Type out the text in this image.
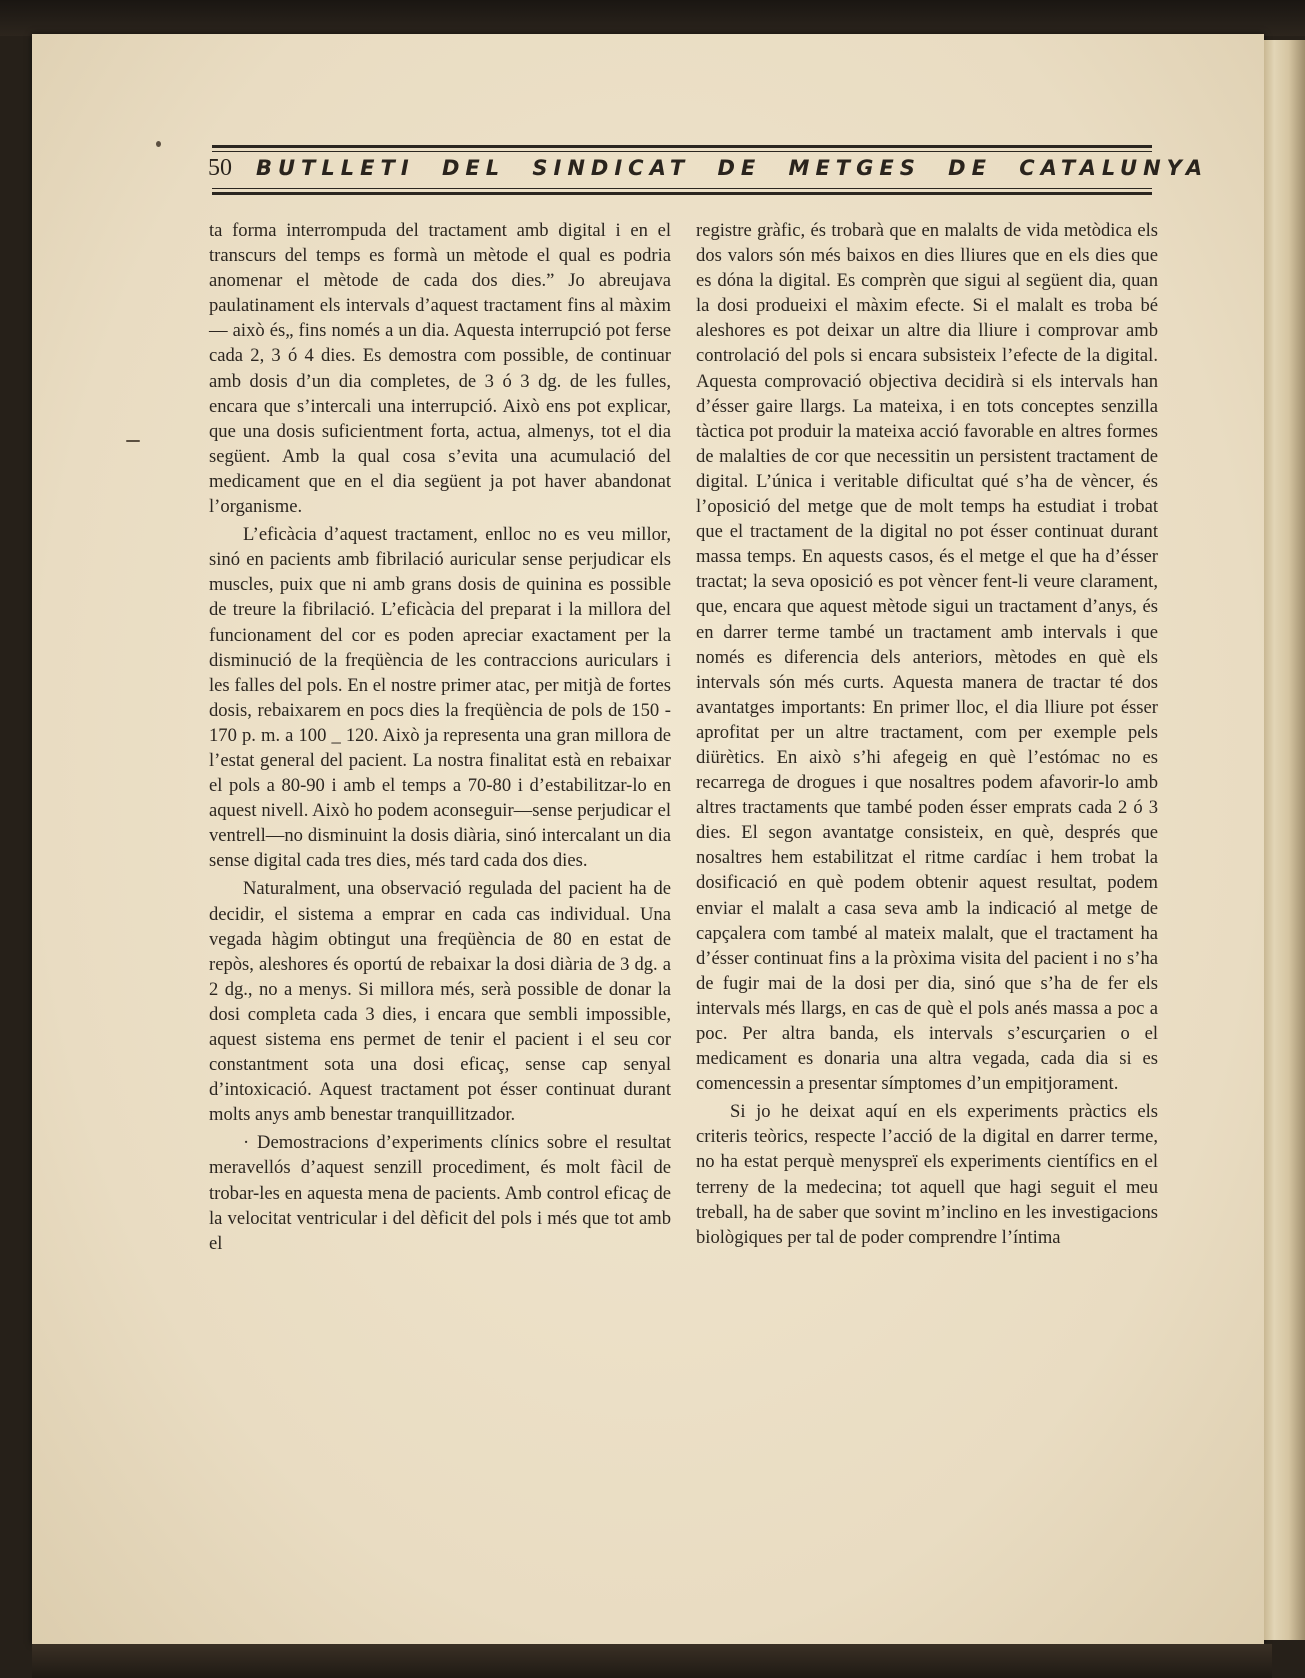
50	BUTLLETI DEL SINDICAT DE METGES DE CATALUNYA

ta forma interrompuda del tractament amb digital i en el transcurs del temps es formà un mètode el qual es podria anomenar el mètode de cada dos dies.” Jo abreujava paulatinament els intervals d’aquest tractament fins al màxim — això és„ fins només a un dia. Aquesta interrupció pot ferse cada 2, 3 ó 4 dies. Es demostra com possible, de continuar amb dosis d’un dia completes, de 3 ó 3 dg. de les fulles, encara que s’intercali una interrupció. Això ens pot explicar, que una dosis suficientment forta, actua, almenys, tot el dia següent. Amb la qual cosa s’evita una acumulació del medicament que en el dia següent ja pot haver abandonat l’organisme.

L’eficàcia d’aquest tractament, enlloc no es veu millor, sinó en pacients amb fibrilació auricular sense perjudicar els muscles, puix que ni amb grans dosis de quinina es possible de treure la fibrilació. L’eficàcia del preparat i la millora del funcionament del cor es poden apreciar exactament per la disminució de la freqüència de les contraccions auriculars i les falles del pols. En el nostre primer atac, per mitjà de fortes dosis, rebaixarem en pocs dies la freqüència de pols de 150 - 170 p. m. a 100 _ 120. Això ja representa una gran millora de l’estat general del pacient. La nostra finalitat està en rebaixar el pols a 80-90 i amb el temps a 70-80 i d’estabilitzar-lo en aquest nivell. Això ho podem aconseguir—sense perjudicar el ventrell—no disminuint la dosis diària, sinó intercalant un dia sense digital cada tres dies, més tard cada dos dies.

Naturalment, una observació regulada del pacient ha de decidir, el sistema a emprar en cada cas individual. Una vegada hàgim obtingut una freqüència de 80 en estat de repòs, aleshores és oportú de rebaixar la dosi diària de 3 dg. a 2 dg., no a menys. Si millora més, serà possible de donar la dosi completa cada 3 dies, i encara que sembli impossible, aquest sistema ens permet de tenir el pacient i el seu cor constantment sota una dosi eficaç, sense cap senyal d’intoxicació. Aquest tractament pot ésser continuat durant molts anys amb benestar tranquillitzador.

· Demostracions d’experiments clínics sobre el resultat meravellós d’aquest senzill procediment, és molt fàcil de trobar-les en aquesta mena de pacients. Amb control eficaç de la velocitat ventricular i del dèficit del pols i més que tot amb el

registre gràfic, és trobarà que en malalts de vida metòdica els dos valors són més baixos en dies lliures que en els dies que es dóna la digital. Es comprèn que sigui al següent dia, quan la dosi produeixi el màxim efecte. Si el malalt es troba bé aleshores es pot deixar un altre dia lliure i comprovar amb controlació del pols si encara subsisteix l’efecte de la digital. Aquesta comprovació objectiva decidirà si els intervals han d’ésser gaire llargs. La mateixa, i en tots conceptes senzilla tàctica pot produir la mateixa acció favorable en altres formes de malalties de cor que necessitin un persistent tractament de digital. L’única i veritable dificultat qué s’ha de vèncer, és l’oposició del metge que de molt temps ha estudiat i trobat que el tractament de la digital no pot ésser continuat durant massa temps. En aquests casos, és el metge el que ha d’ésser tractat; la seva oposició es pot vèncer fent-li veure clarament, que, encara que aquest mètode sigui un tractament d’anys, és en darrer terme també un tractament amb intervals i que només es diferencia dels anteriors, mètodes en què els intervals són més curts. Aquesta manera de tractar té dos avantatges importants: En primer lloc, el dia lliure pot ésser aprofitat per un altre tractament, com per exemple pels diürètics. En això s’hi afegeig en què l’estómac no es recarrega de drogues i que nosaltres podem afavorir-lo amb altres tractaments que també poden ésser emprats cada 2 ó 3 dies. El segon avantatge consisteix, en què, després que nosaltres hem estabilitzat el ritme cardíac i hem trobat la dosificació en què podem obtenir aquest resultat, podem enviar el malalt a casa seva amb la indicació al metge de capçalera com també al mateix malalt, que el tractament ha d’ésser continuat fins a la pròxima visita del pacient i no s’ha de fugir mai de la dosi per dia, sinó que s’ha de fer els intervals més llargs, en cas de què el pols anés massa a poc a poc. Per altra banda, els intervals s’escurçarien o el medicament es donaria una altra vegada, cada dia si es comencessin a presentar símptomes d’un empitjorament.

Si jo he deixat aquí en els experiments pràctics els criteris teòrics, respecte l’acció de la digital en darrer terme, no ha estat perquè menyspreï els experiments científics en el terreny de la medecina; tot aquell que hagi seguit el meu treball, ha de saber que sovint m’inclino en les investigacions biològiques per tal de poder comprendre l’íntima
